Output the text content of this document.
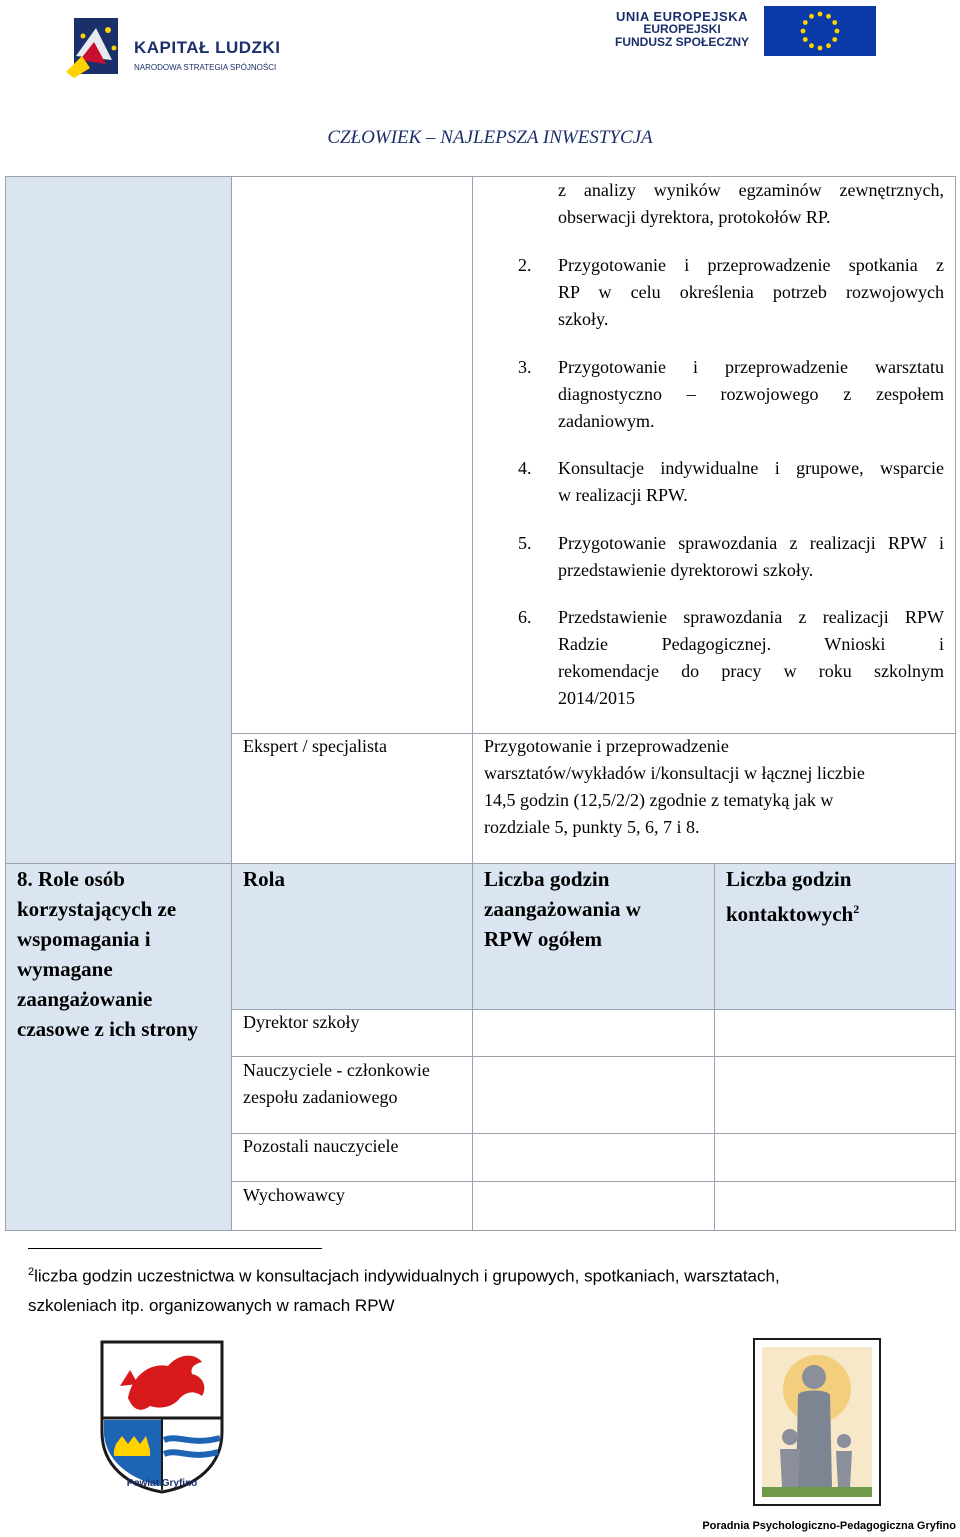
KAPITAŁ LUDZKI
NARODOWA STRATEGIA SPÓJNOŚCI
UNIA EUROPEJSKA
EUROPEJSKI
FUNDUSZ SPOŁECZNY
CZŁOWIEK – NAJLEPSZA INWESTYCJA
z analizy wyników egzaminów zewnętrznych,
obserwacji dyrektora, protokołów RP.
2. Przygotowanie i przeprowadzenie spotkania z
RP w celu określenia potrzeb rozwojowych
szkoły.
3. Przygotowanie i przeprowadzenie warsztatu
diagnostyczno – rozwojowego z zespołem
zadaniowym.
4. Konsultacje indywidualne i grupowe, wsparcie
w realizacji RPW.
5. Przygotowanie sprawozdania z realizacji RPW i
przedstawienie dyrektorowi szkoły.
6. Przedstawienie sprawozdania z realizacji RPW
Radzie Pedagogicznej. Wnioski i
rekomendacje do pracy w roku szkolnym
2014/2015
Ekspert / specjalista	Przygotowanie i przeprowadzenie
warsztatów/wykładów i/konsultacji w łącznej liczbie
14,5 godzin (12,5/2/2) zgodnie z tematyką jak w
rozdziale 5, punkty 5, 6, 7 i 8.
8. Role osób
korzystających ze
wspomagania i
wymagane
zaangażowanie
czasowe z ich strony
Rola	Liczba godzin
zaangażowania w
RPW ogółem
Liczba godzin
kontaktowych$^2$
Dyrektor szkoły
Nauczyciele - członkowie
zespołu zadaniowego
Pozostali nauczyciele
Wychowawcy
$^2$liczba godzin uczestnictwa w konsultacjach indywidualnych i grupowych, spotkaniach, warsztatach,
szkoleniach itp. organizowanych w ramach RPW
Powiat Gryfino
Poradnia Psychologiczno-Pedagogiczna Gryfino
